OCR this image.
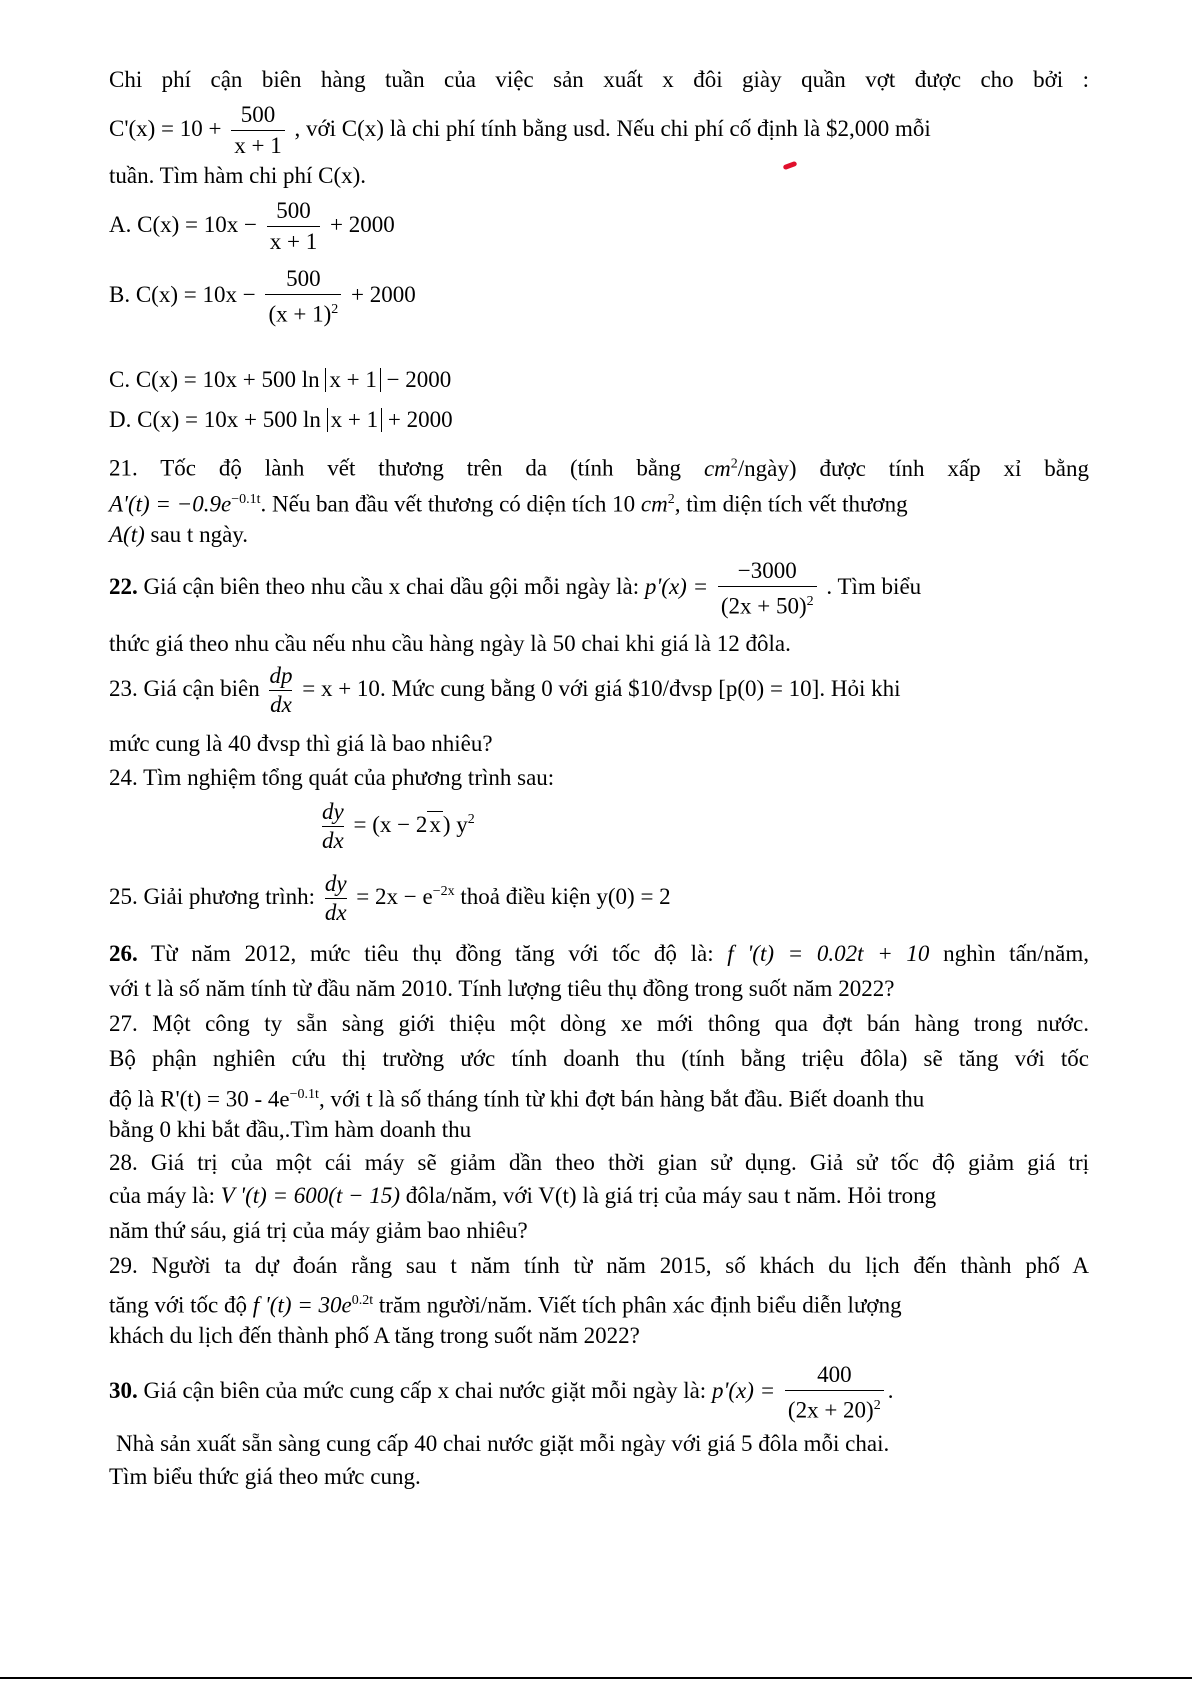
Chi phí cận biên hàng tuần của việc sản xuất x đôi giày quần vợt được cho bởi :
$C'(x) = 10 + \frac{500}{x + 1}$ , với C(x) là chi phí tính bằng usd. Nếu chi phí cố định là $2,000 mỗi
tuần. Tìm hàm chi phí C(x).
A. $C(x) = 10x - \frac{500}{x + 1} + 2000$
B. $C(x) = 10x - \frac{500}{(x + 1)^2} + 2000$
C. C(x) = 10x + 500 ln x + 1 − 2000
D. C(x) = 10x + 500 ln x + 1 + 2000
21. Tốc độ lành vết thương trên da (tính bằng $cm^2/ngày$) được tính xấp xỉ bằng
$A'(t) = -0.9e^{-0.1t}$. Nếu ban đầu vết thương có diện tích 10 $cm^2$, tìm diện tích vết thương
A(t) sau t ngày.
22. Giá cận biên theo nhu cầu x chai dầu gội mỗi ngày là: $p'(x) = \frac{-3000}{(2x + 50)^2}$ . Tìm biểu
thức giá theo nhu cầu nếu nhu cầu hàng ngày là 50 chai khi giá là 12 đôla.
23. Giá cận biên $\frac{dp}{dx} = x + 10$. Mức cung bằng 0 với giá $10/đvsp [p(0) = 10]. Hỏi khi
mức cung là 40 đvsp thì giá là bao nhiêu?
24. Tìm nghiệm tổng quát của phương trình sau:
$\frac{dy}{dx} = (x - 2x)$ $y^2$
25. Giải phương trình: $\frac{dy}{dx} = 2x - e^{-2x}$ thoả điều kiện y(0) = 2
26. Từ năm 2012, mức tiêu thụ đồng tăng với tốc độ là: f '(t) = 0.02t + 10 nghìn tấn/năm,
với t là số năm tính từ đầu năm 2010. Tính lượng tiêu thụ đồng trong suốt năm 2022?
27. Một công ty sẵn sàng giới thiệu một dòng xe mới thông qua đợt bán hàng trong nước.
Bộ phận nghiên cứu thị trường ước tính doanh thu (tính bằng triệu đôla) sẽ tăng với tốc
độ là $R'(t) = 30 - 4e^{-0.1t}$, với t là số tháng tính từ khi đợt bán hàng bắt đầu. Biết doanh thu
bằng 0 khi bắt đầu,.Tìm hàm doanh thu
28. Giá trị của một cái máy sẽ giảm dần theo thời gian sử dụng. Giả sử tốc độ giảm giá trị
của máy là: V '(t) = 600(t − 15) đôla/năm, với V(t) là giá trị của máy sau t năm. Hỏi trong
năm thứ sáu, giá trị của máy giảm bao nhiêu?
29. Người ta dự đoán rằng sau t năm tính từ năm 2015, số khách du lịch đến thành phố A
tăng với tốc độ f '$(t) = 30e^{0.2t}$ trăm người/năm. Viết tích phân xác định biểu diễn lượng
khách du lịch đến thành phố A tăng trong suốt năm 2022?
30. Giá cận biên của mức cung cấp x chai nước giặt mỗi ngày là: $p'(x) = \frac{400}{(2x + 20)^2}$ .
Nhà sản xuất sẵn sàng cung cấp 40 chai nước giặt mỗi ngày với giá 5 đôla mỗi chai.
Tìm biểu thức giá theo mức cung.
